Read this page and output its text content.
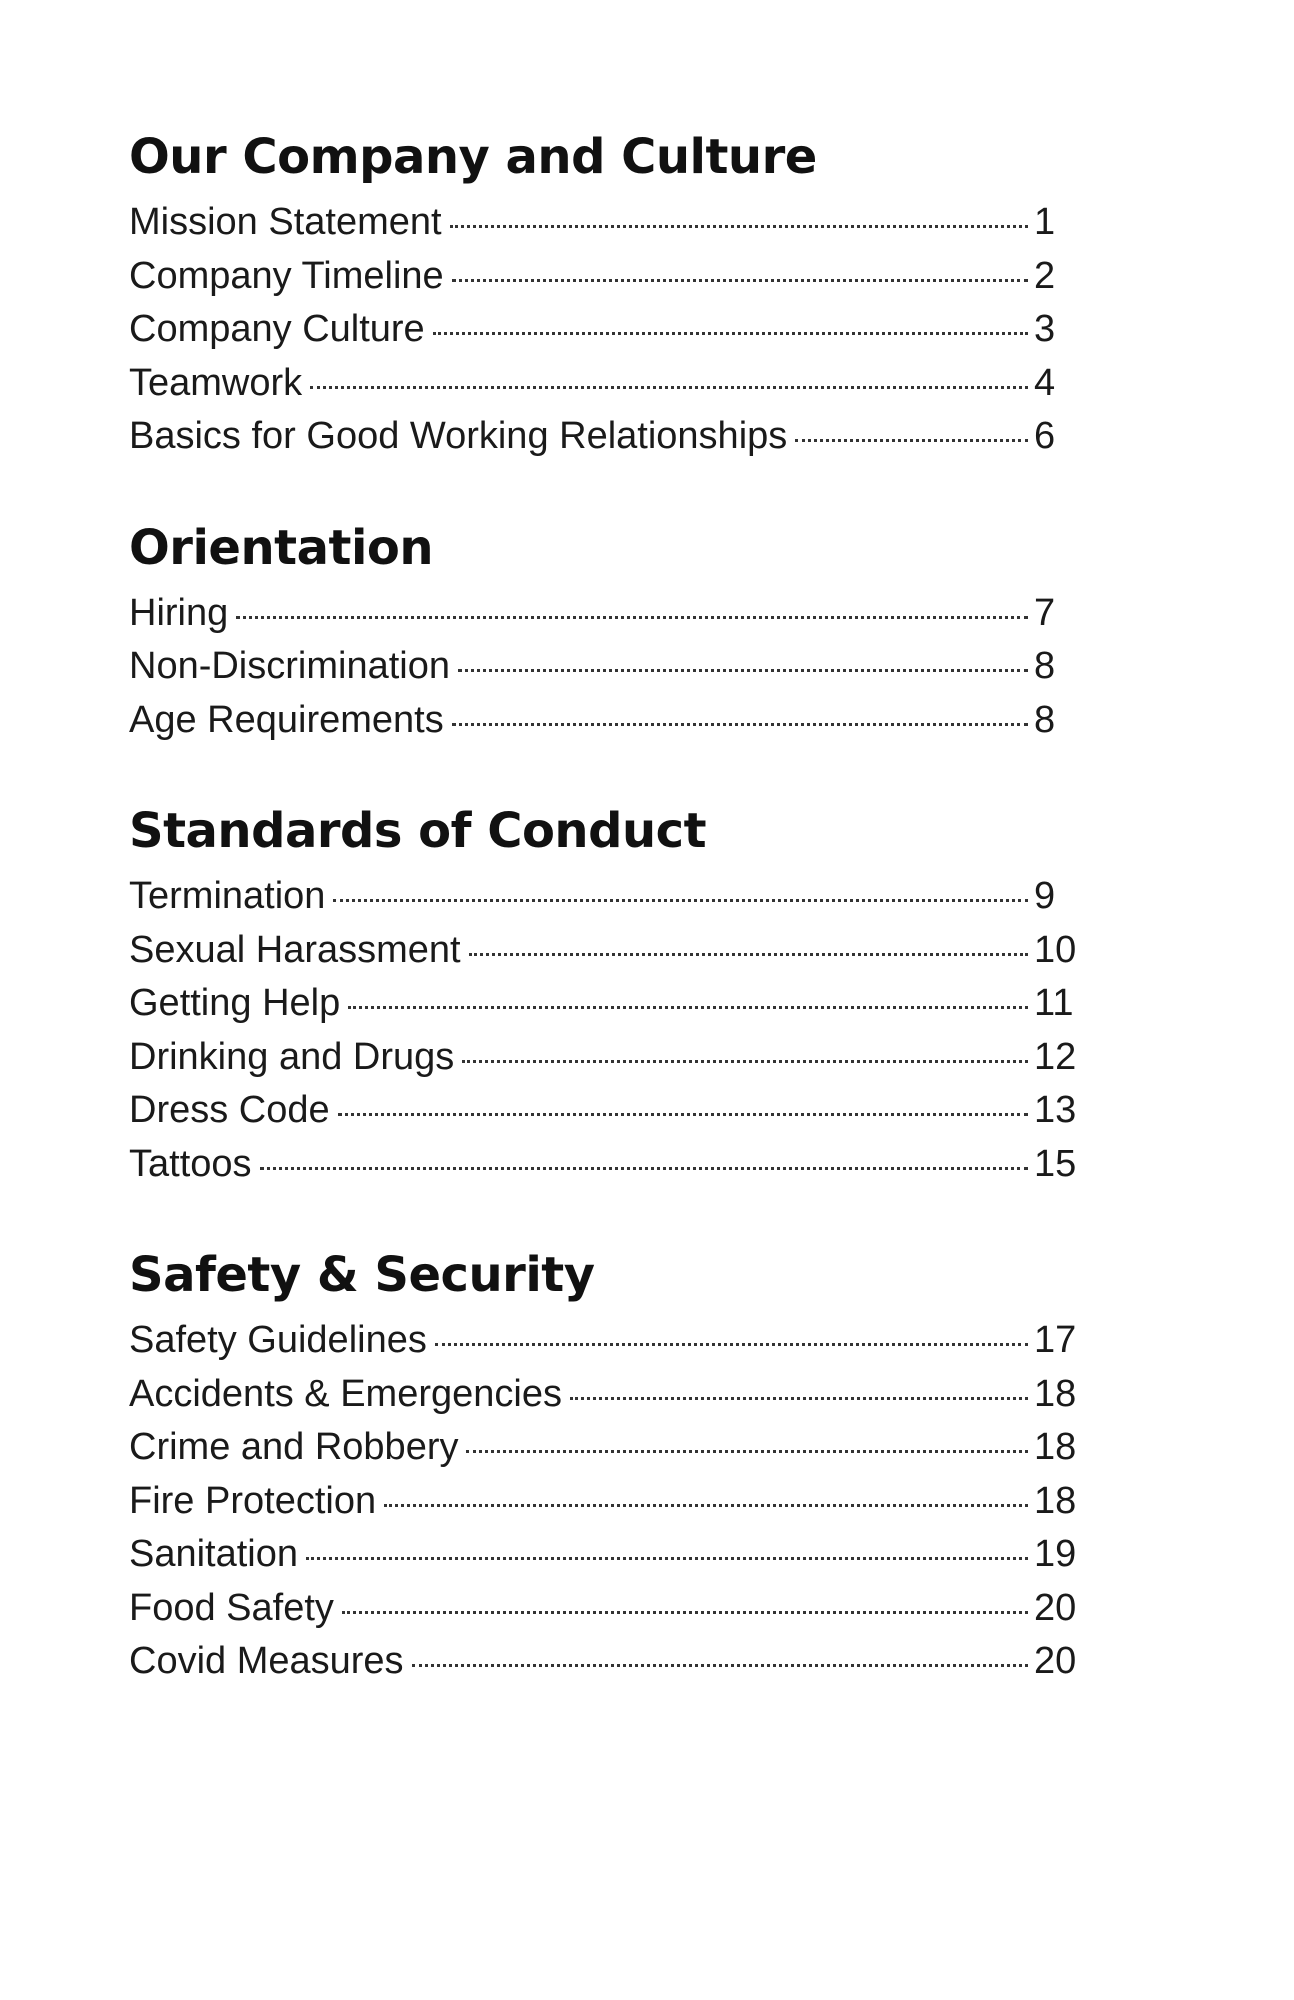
Our Company and Culture
Mission Statement	1
Company Timeline	2
Company Culture	3
Teamwork	4
Basics for Good Working Relationships	6
Orientation
Hiring	7
Non-Discrimination	8
Age Requirements	8
Standards of Conduct
Termination	9
Sexual Harassment	10
Getting Help	11
Drinking and Drugs	12
Dress Code	13
Tattoos	15
Safety & Security
Safety Guidelines	17
Accidents & Emergencies	18
Crime and Robbery	18
Fire Protection	18
Sanitation	19
Food Safety	20
Covid Measures	20
